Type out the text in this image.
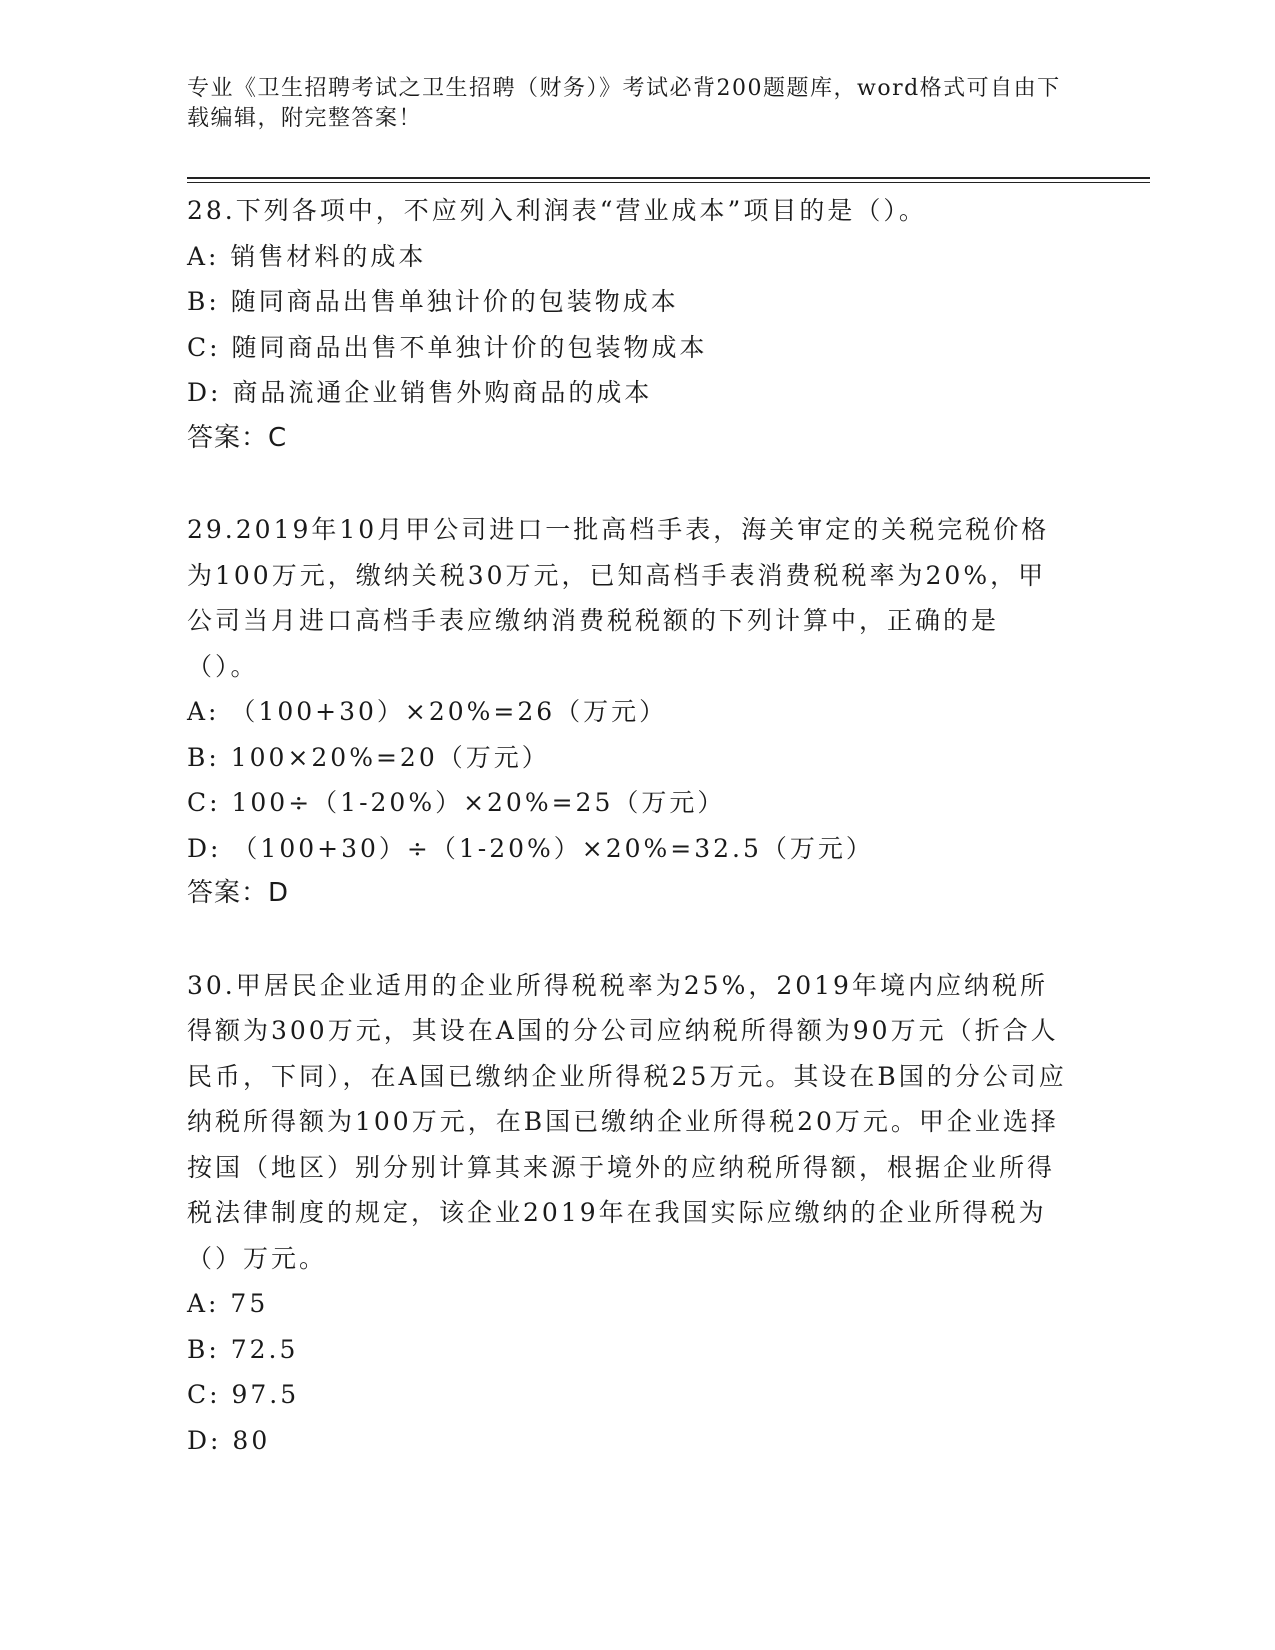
专业《卫生招聘考试之卫生招聘（财务）》考试必背200题题库，word格式可自由下载编辑，附完整答案！
28.下列各项中，不应列入利润表“营业成本”项目的是（）。
A: 销售材料的成本
B: 随同商品出售单独计价的包装物成本
C: 随同商品出售不单独计价的包装物成本
D: 商品流通企业销售外购商品的成本
答案：C
29.2019年10月甲公司进口一批高档手表，海关审定的关税完税价格为100万元，缴纳关税30万元，已知高档手表消费税税率为20%，甲公司当月进口高档手表应缴纳消费税税额的下列计算中，正确的是（）。
A: （100+30）×20%=26（万元）
B: 100×20%=20（万元）
C: 100÷（1-20%）×20%=25（万元）
D: （100+30）÷（1-20%）×20%=32.5（万元）
答案：D
30.甲居民企业适用的企业所得税税率为25%，2019年境内应纳税所得额为300万元，其设在A国的分公司应纳税所得额为90万元（折合人民币，下同），在A国已缴纳企业所得税25万元。其设在B国的分公司应纳税所得额为100万元，在B国已缴纳企业所得税20万元。甲企业选择按国（地区）别分别计算其来源于境外的应纳税所得额，根据企业所得税法律制度的规定，该企业2019年在我国实际应缴纳的企业所得税为（）万元。
A: 75
B: 72.5
C: 97.5
D: 80
